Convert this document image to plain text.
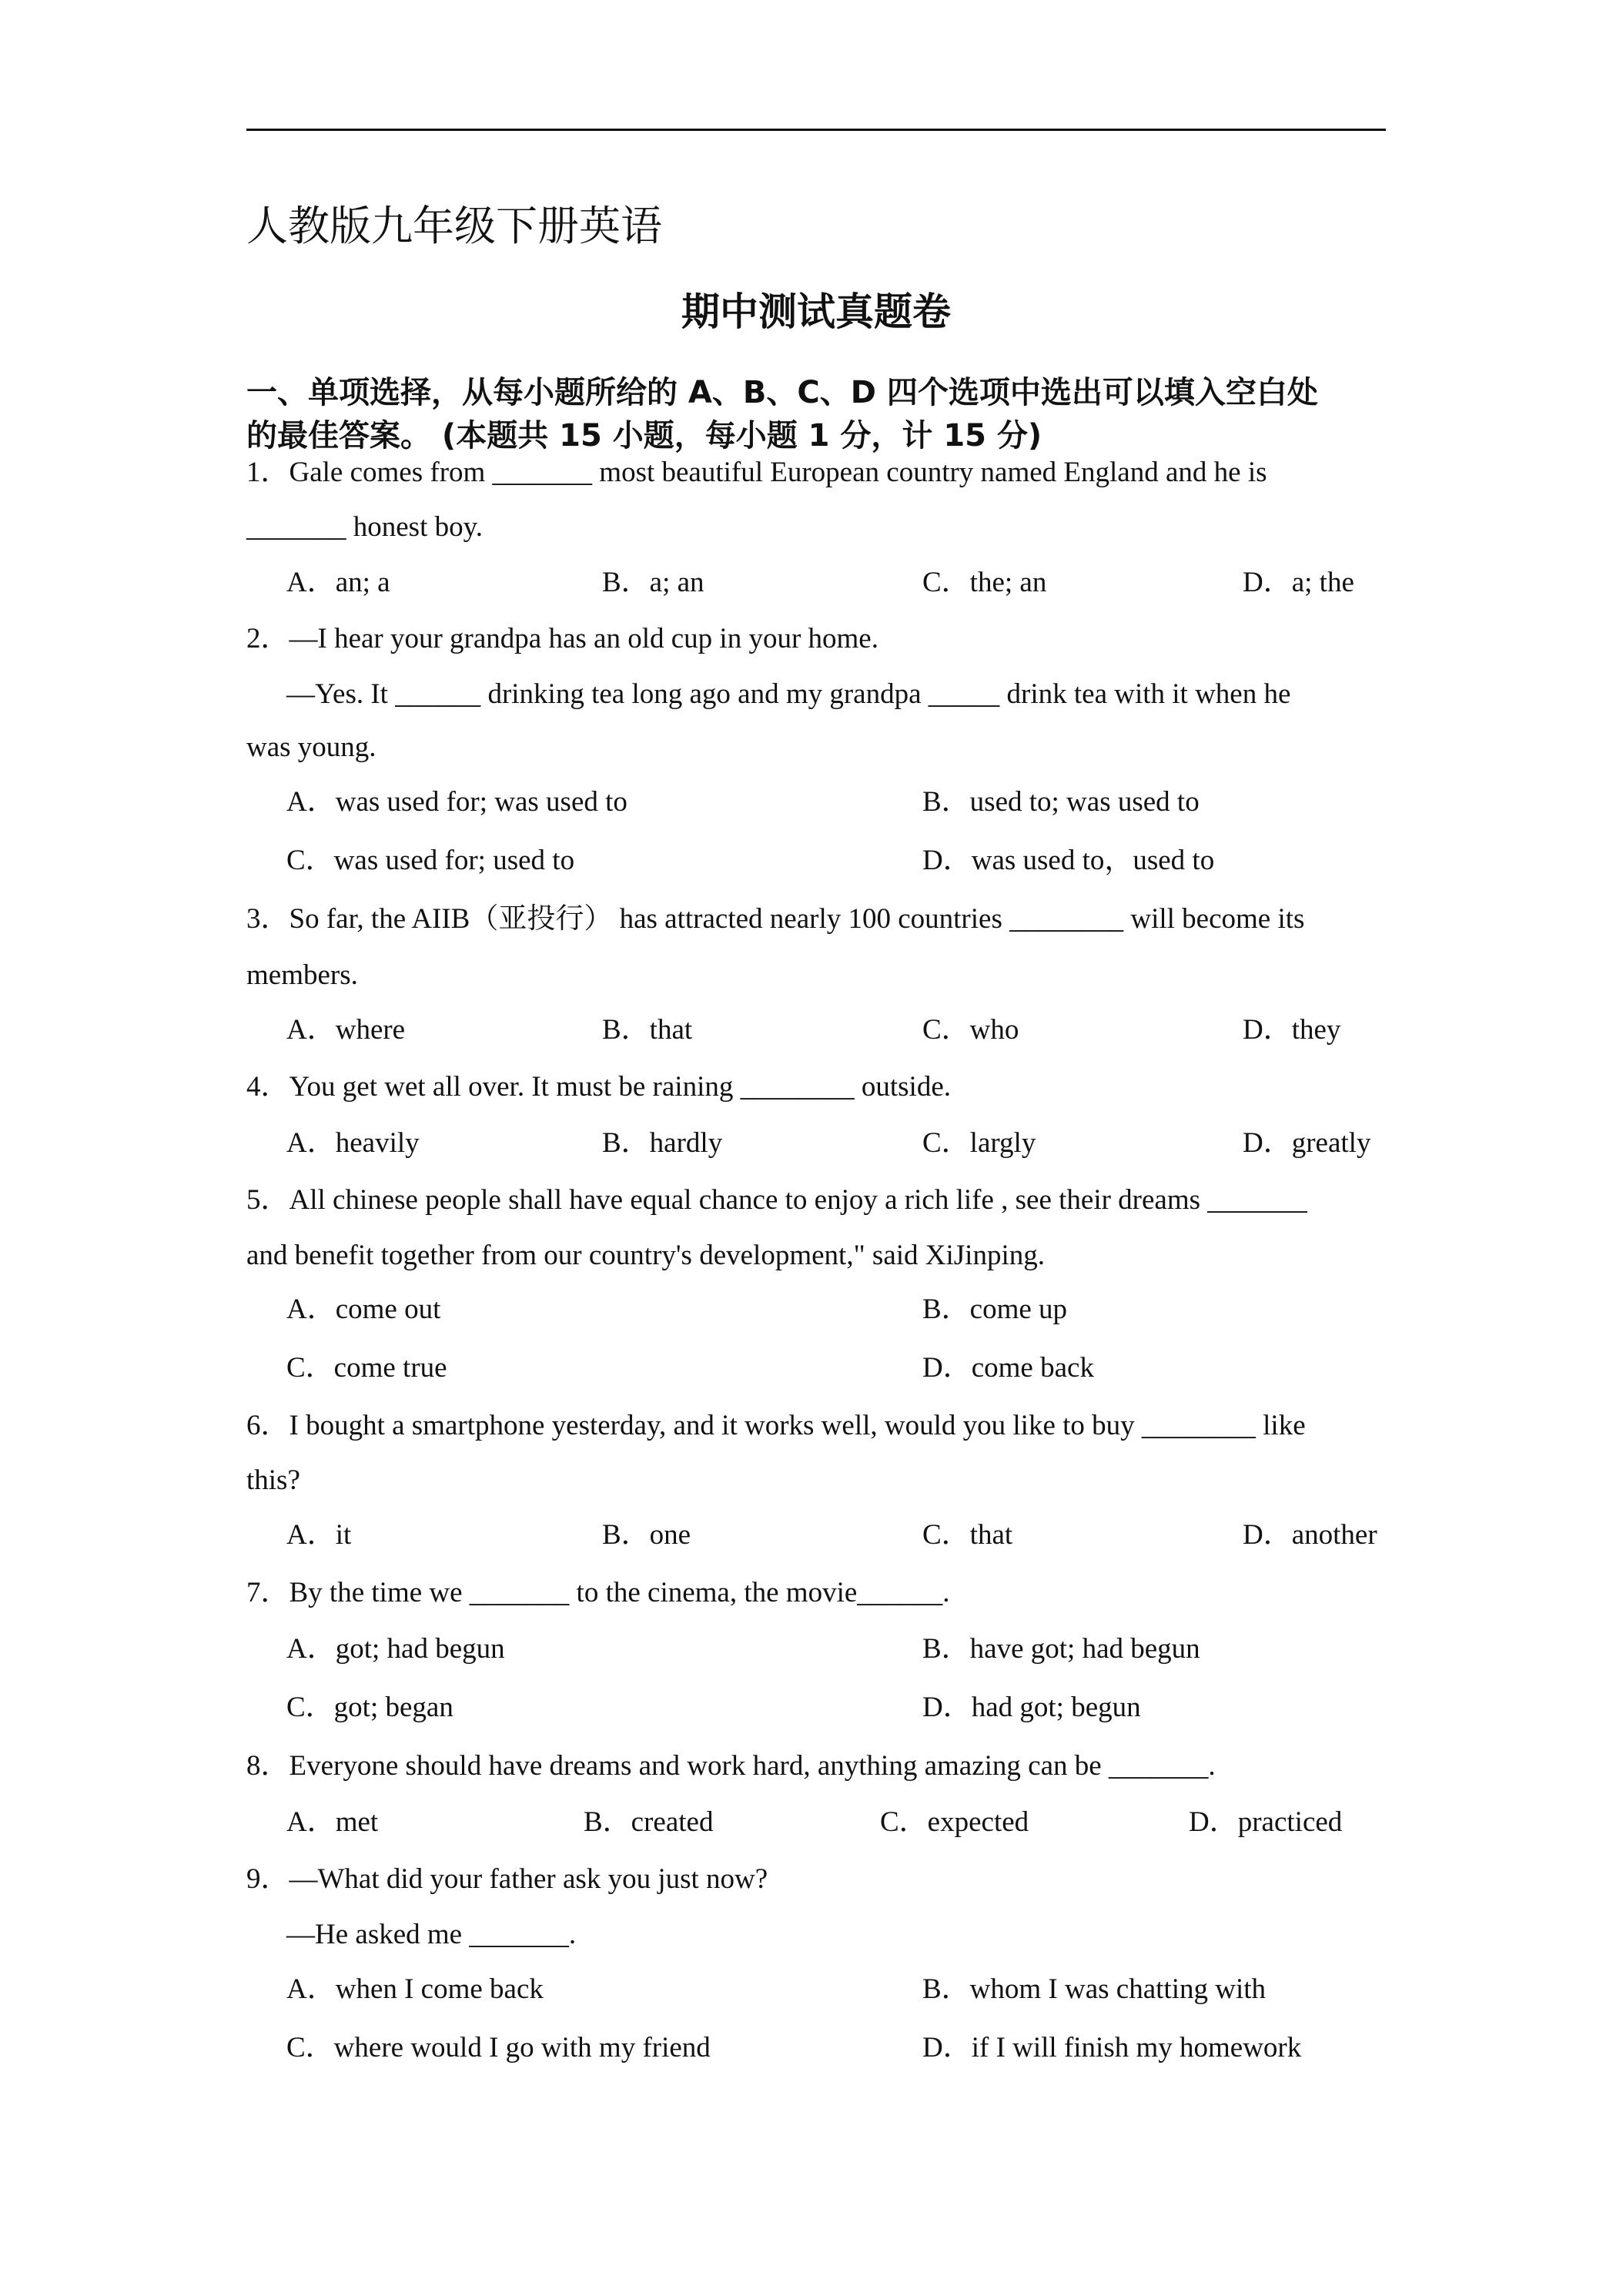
人教版九年级下册英语
期中测试真题卷
一、单项选择，从每小题所给的 A、B、C、D 四个选项中选出可以填入空白处
的最佳答案。 (本题共 15 小题，每小题 1 分，计 15 分)
1．Gale comes from _______ most beautiful European country named England and he is
_______ honest boy.
A．an; a	B．a; an	C．the; an	D．a; the
2．—I hear your grandpa has an old cup in your home.
—Yes. It ______ drinking tea long ago and my grandpa _____ drink tea with it when he
was young.
A．was used for; was used to	B．used to; was used to
C．was used for; used to	D．was used to，used to
3．So far, the AIIB（亚投行） has attracted nearly 100 countries ________ will become its
members.
A．where	B．that	C．who	D．they
4．You get wet all over. It must be raining ________ outside.
A．heavily	B．hardly	C．largly	D．greatly
5．All chinese people shall have equal chance to enjoy a rich life , see their dreams _______
and benefit together from our country's development," said XiJinping.
A．come out	B．come up
C．come true	D．come back
6．I bought a smartphone yesterday, and it works well, would you like to buy ________ like
this?
A．it	B．one	C．that	D．another
7．By the time we _______ to the cinema, the movie______.
A．got; had begun	B．have got; had begun
C．got; began	D．had got; begun
8．Everyone should have dreams and work hard, anything amazing can be _______.
A．met	B．created	C．expected	D．practiced
9．—What did your father ask you just now?
—He asked me _______.
A．when I come back	B．whom I was chatting with
C．where would I go with my friend	D．if I will finish my homework
